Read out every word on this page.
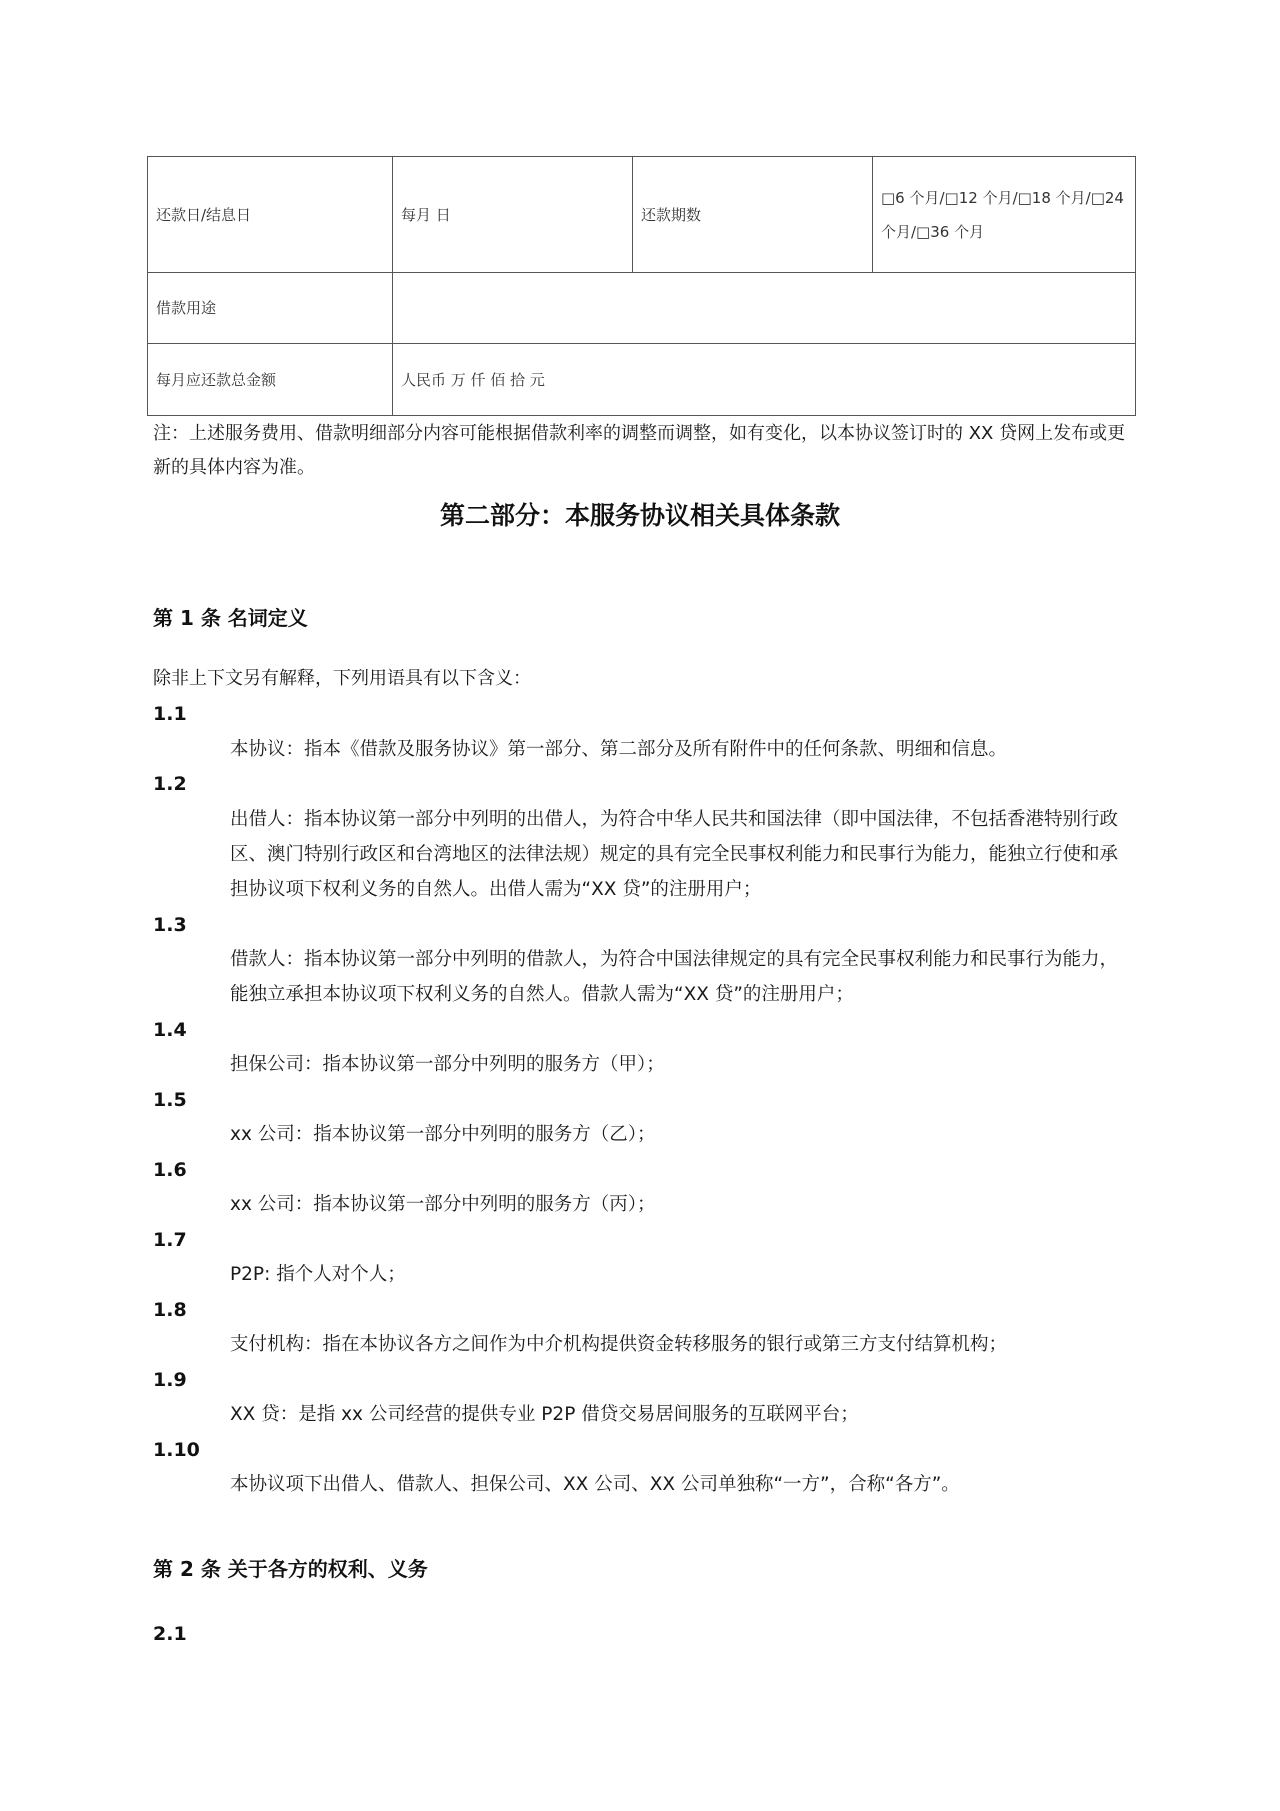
还款日/结息日	每月 日	还款期数	□6 个月/□12 个月/□18 个月/□24 个月/□36 个月
借款用途			
每月应还款总金额	人民币 万 仟 佰 拾 元		
注：上述服务费用、借款明细部分内容可能根据借款利率的调整而调整，如有变化，以本协议签订时的 XX 贷网上发布或更新的具体内容为准。
第二部分：本服务协议相关具体条款
第 1 条 名词定义
除非上下文另有解释，下列用语具有以下含义：
1.1
本协议：指本《借款及服务协议》第一部分、第二部分及所有附件中的任何条款、明细和信息。
1.2
出借人：指本协议第一部分中列明的出借人，为符合中华人民共和国法律（即中国法律，不包括香港特别行政区、澳门特别行政区和台湾地区的法律法规）规定的具有完全民事权利能力和民事行为能力，能独立行使和承担协议项下权利义务的自然人。出借人需为“XX 贷”的注册用户；
1.3
借款人：指本协议第一部分中列明的借款人，为符合中国法律规定的具有完全民事权利能力和民事行为能力，能独立承担本协议项下权利义务的自然人。借款人需为“XX 贷”的注册用户；
1.4
担保公司：指本协议第一部分中列明的服务方（甲）；
1.5
xx 公司：指本协议第一部分中列明的服务方（乙）；
1.6
xx 公司：指本协议第一部分中列明的服务方（丙）；
1.7
P2P: 指个人对个人；
1.8
支付机构：指在本协议各方之间作为中介机构提供资金转移服务的银行或第三方支付结算机构；
1.9
XX 贷：是指 xx 公司经营的提供专业 P2P 借贷交易居间服务的互联网平台；
1.10
本协议项下出借人、借款人、担保公司、XX 公司、XX 公司单独称“一方”，合称“各方”。
第 2 条 关于各方的权利、义务
2.1
